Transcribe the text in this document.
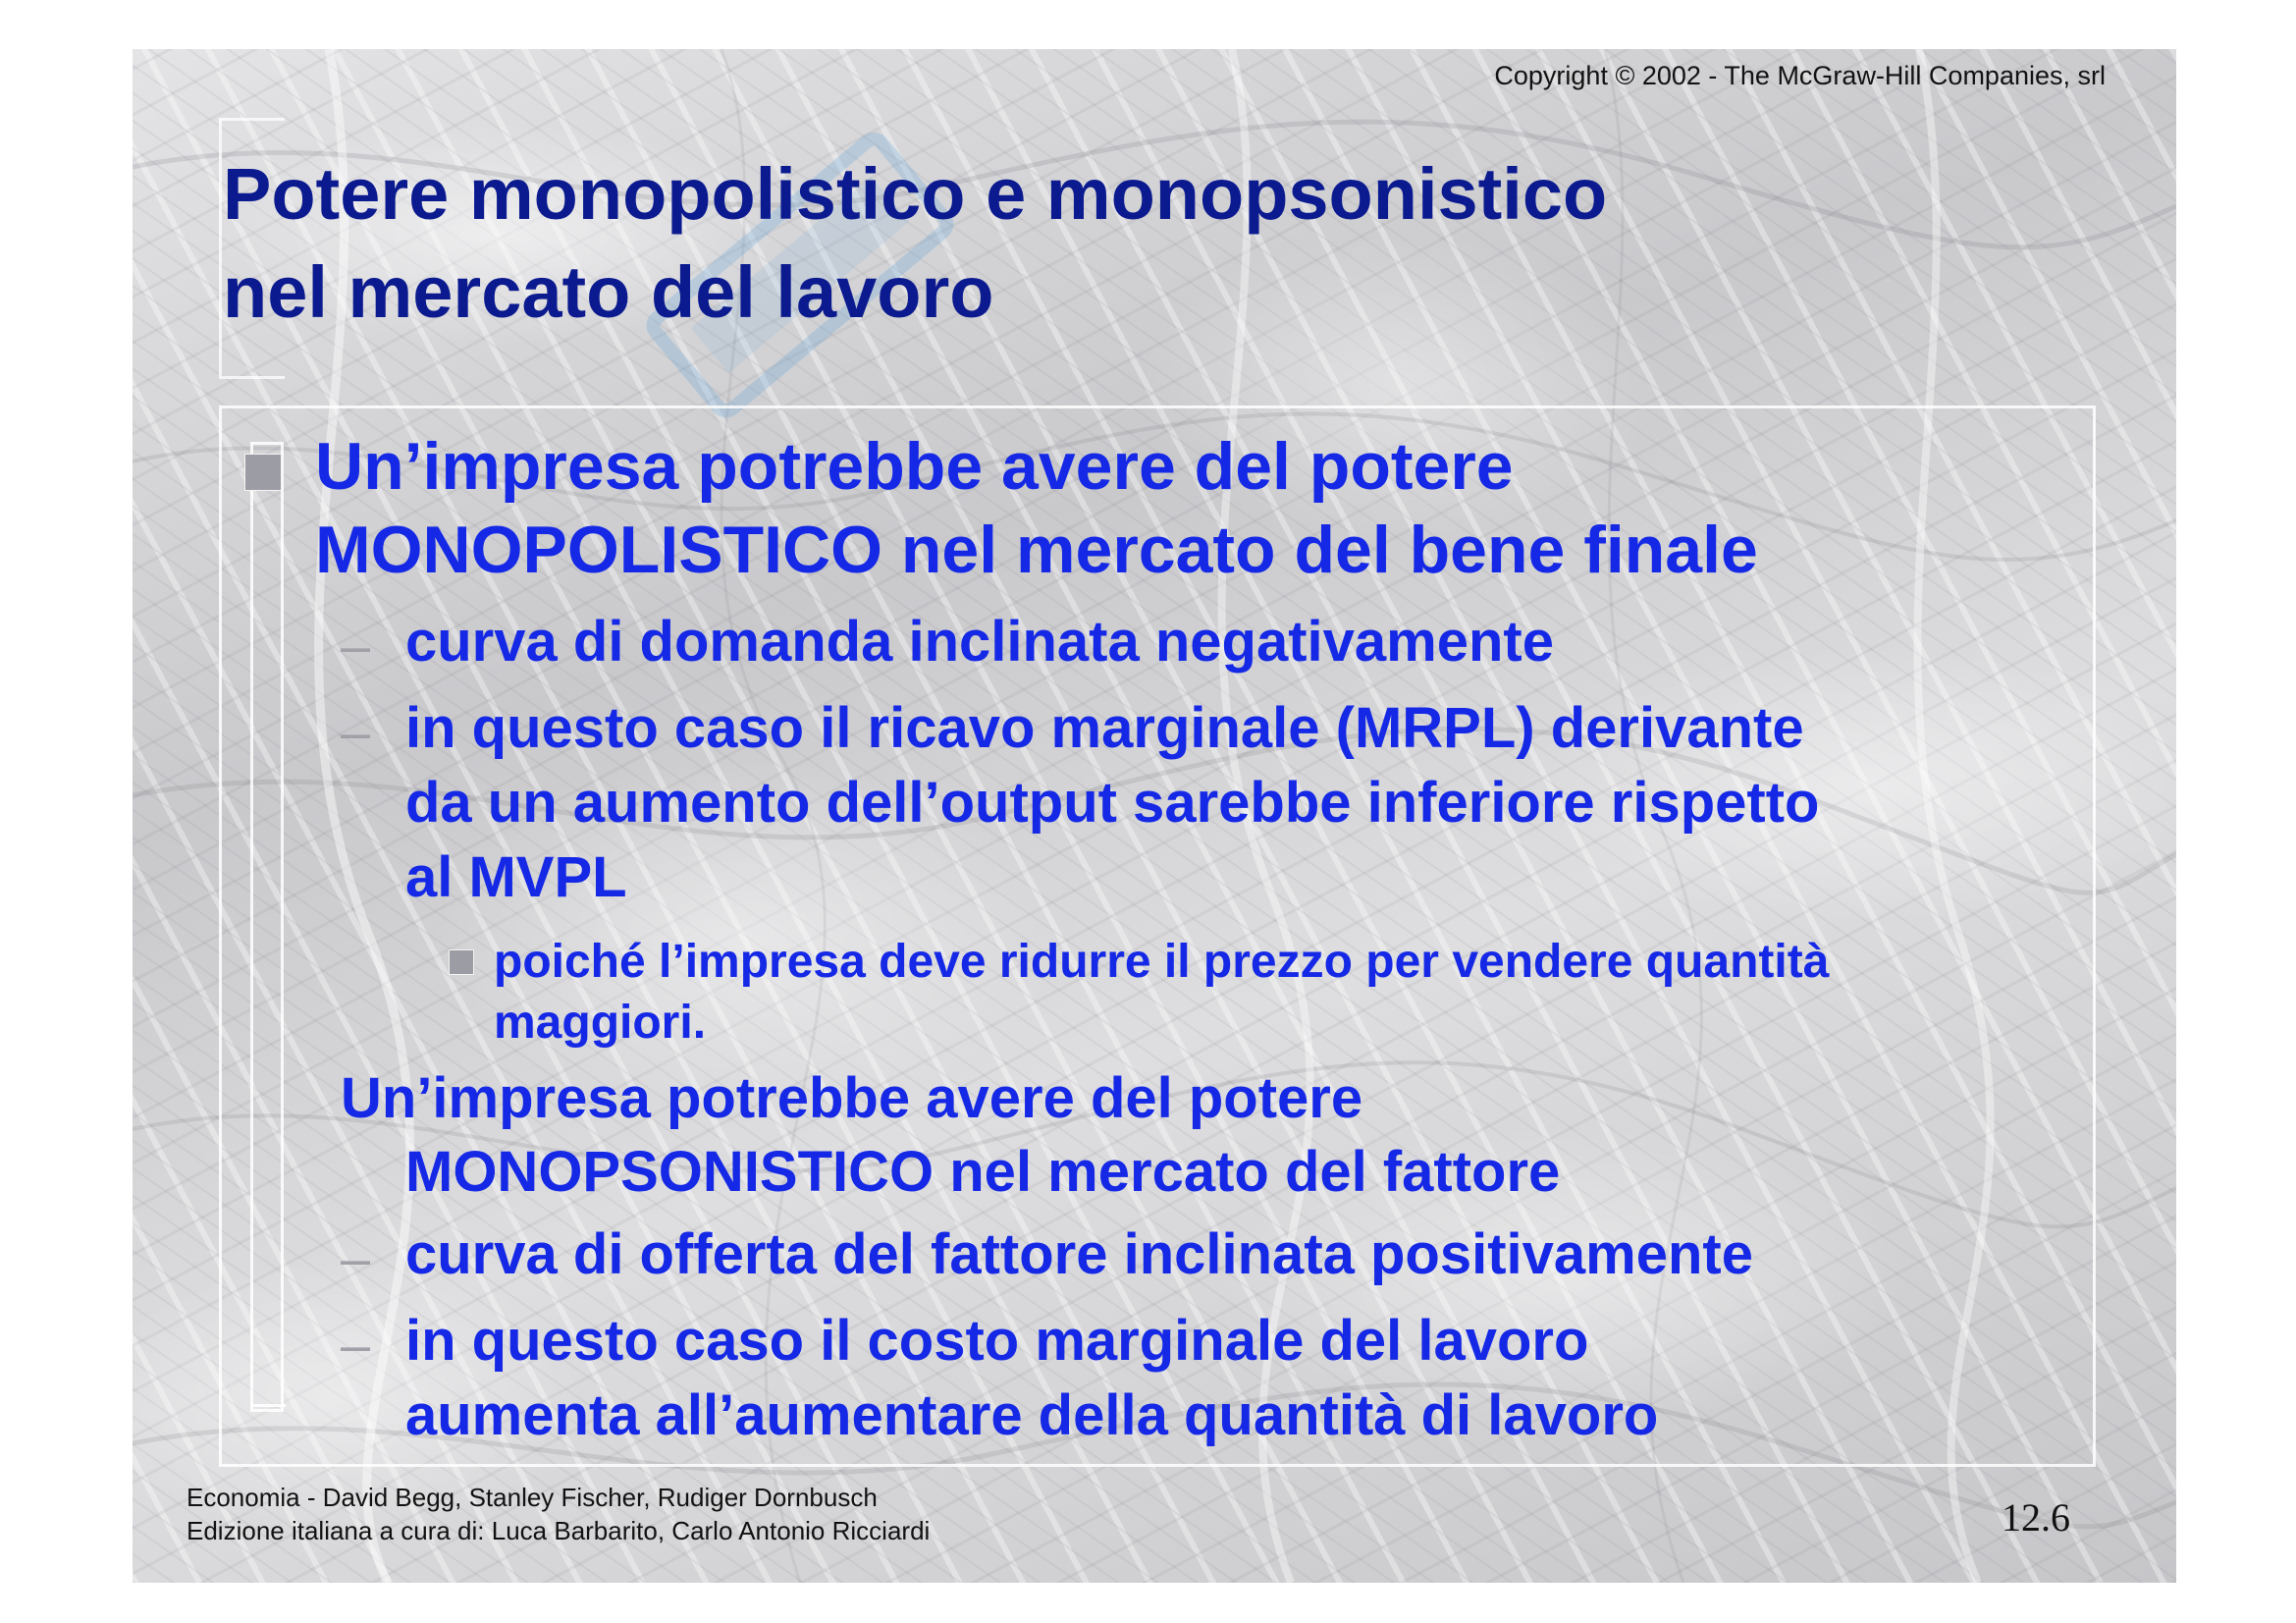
Copyright © 2002 - The McGraw-Hill Companies, srl
Potere monopolistico e monopsonistico
nel mercato del lavoro

Un’impresa potrebbe avere del potere

MONOPOLISTICO nel mercato del bene finale

– curva di domanda inclinata negativamente

– in questo caso il ricavo marginale (MRPL) derivante

da un aumento dell’output sarebbe inferiore rispetto

al MVPL

poiché l’impresa deve ridurre il prezzo per vendere quantità

maggiori.

Un’impresa potrebbe avere del potere

MONOPSONISTICO nel mercato del fattore

– curva di offerta del fattore inclinata positivamente

– in questo caso il costo marginale del lavoro

aumenta all’aumentare della quantità di lavoro

Economia - David Begg, Stanley Fischer, Rudiger Dornbusch
Edizione italiana a cura di: Luca Barbarito, Carlo Antonio Ricciardi	12.6
